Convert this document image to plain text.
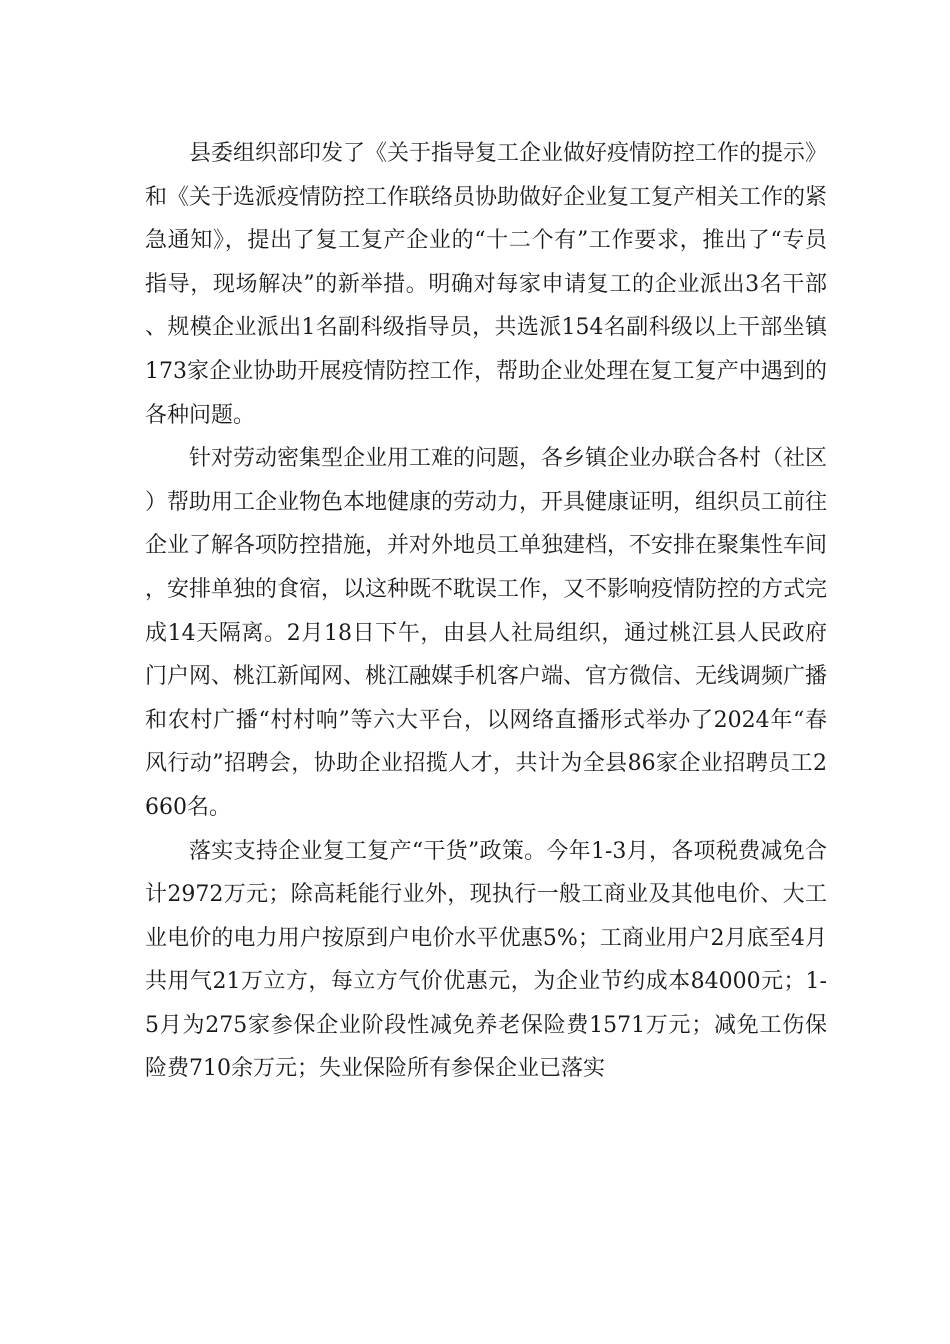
县委组织部印发了《关于指导复工企业做好疫情防控工作的提示》和《关于选派疫情防控工作联络员协助做好企业复工复产相关工作的紧急通知》，提出了复工复产企业的“十二个有”工作要求，推出了“专员指导，现场解决”的新举措。明确对每家申请复工的企业派出3名干部、规模企业派出1名副科级指导员，共选派154名副科级以上干部坐镇173家企业协助开展疫情防控工作，帮助企业处理在复工复产中遇到的各种问题。

针对劳动密集型企业用工难的问题，各乡镇企业办联合各村（社区）帮助用工企业物色本地健康的劳动力，开具健康证明，组织员工前往企业了解各项防控措施，并对外地员工单独建档，不安排在聚集性车间，安排单独的食宿，以这种既不耽误工作，又不影响疫情防控的方式完成14天隔离。2月18日下午，由县人社局组织，通过桃江县人民政府门户网、桃江新闻网、桃江融媒手机客户端、官方微信、无线调频广播和农村广播“村村响”等六大平台，以网络直播形式举办了2024年“春风行动”招聘会，协助企业招揽人才，共计为全县86家企业招聘员工2660名。

落实支持企业复工复产“干货”政策。今年1-3月，各项税费减免合计2972万元；除高耗能行业外，现执行一般工商业及其他电价、大工业电价的电力用户按原到户电价水平优惠5%；工商业用户2月底至4月共用气21万立方，每立方气价优惠元，为企业节约成本84000元；1-5月为275家参保企业阶段性减免养老保险费1571万元；减免工伤保险费710余万元；失业保险所有参保企业已落实
